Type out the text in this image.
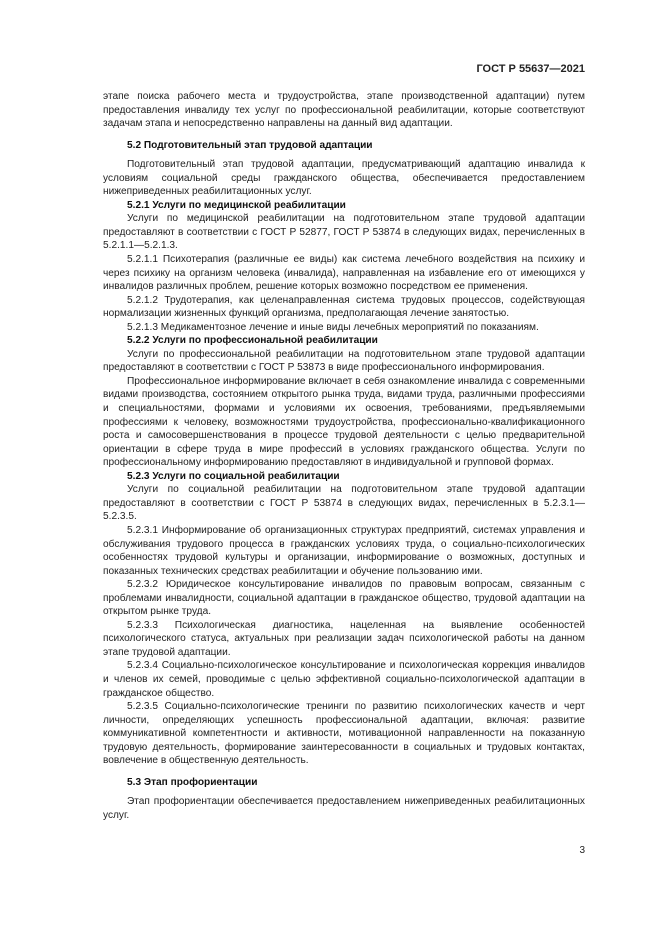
ГОСТ Р 55637—2021

этапе поиска рабочего места и трудоустройства, этапе производственной адаптации) путем предоставления инвалиду тех услуг по профессиональной реабилитации, которые соответствуют задачам этапа и непосредственно направлены на данный вид адаптации.

5.2 Подготовительный этап трудовой адаптации

Подготовительный этап трудовой адаптации, предусматривающий адаптацию инвалида к условиям социальной среды гражданского общества, обеспечивается предоставлением нижеприведенных реабилитационных услуг.

5.2.1 Услуги по медицинской реабилитации

Услуги по медицинской реабилитации на подготовительном этапе трудовой адаптации предоставляют в соответствии с ГОСТ Р 52877, ГОСТ Р 53874 в следующих видах, перечисленных в 5.2.1.1—5.2.1.3.

5.2.1.1 Психотерапия (различные ее виды) как система лечебного воздействия на психику и через психику на организм человека (инвалида), направленная на избавление его от имеющихся у инвалидов различных проблем, решение которых возможно посредством ее применения.

5.2.1.2 Трудотерапия, как целенаправленная система трудовых процессов, содействующая нормализации жизненных функций организма, предполагающая лечение занятостью.

5.2.1.3 Медикаментозное лечение и иные виды лечебных мероприятий по показаниям.

5.2.2 Услуги по профессиональной реабилитации

Услуги по профессиональной реабилитации на подготовительном этапе трудовой адаптации предоставляют в соответствии с ГОСТ Р 53873 в виде профессионального информирования.

Профессиональное информирование включает в себя ознакомление инвалида с современными видами производства, состоянием открытого рынка труда, видами труда, различными профессиями и специальностями, формами и условиями их освоения, требованиями, предъявляемыми профессиями к человеку, возможностями трудоустройства, профессионально-квалификационного роста и самосовершенствования в процессе трудовой деятельности с целью предварительной ориентации в сфере труда в мире профессий в условиях гражданского общества. Услуги по профессиональному информированию предоставляют в индивидуальной и групповой формах.

5.2.3 Услуги по социальной реабилитации

Услуги по социальной реабилитации на подготовительном этапе трудовой адаптации предоставляют в соответствии с ГОСТ Р 53874 в следующих видах, перечисленных в 5.2.3.1—5.2.3.5.

5.2.3.1 Информирование об организационных структурах предприятий, системах управления и обслуживания трудового процесса в гражданских условиях труда, о социально-психологических особенностях трудовой культуры и организации, информирование о возможных, доступных и показанных технических средствах реабилитации и обучение пользованию ими.

5.2.3.2 Юридическое консультирование инвалидов по правовым вопросам, связанным с проблемами инвалидности, социальной адаптации в гражданское общество, трудовой адаптации на открытом рынке труда.

5.2.3.3 Психологическая диагностика, нацеленная на выявление особенностей психологического статуса, актуальных при реализации задач психологической работы на данном этапе трудовой адаптации.

5.2.3.4 Социально-психологическое консультирование и психологическая коррекция инвалидов и членов их семей, проводимые с целью эффективной социально-психологической адаптации в гражданское общество.

5.2.3.5 Социально-психологические тренинги по развитию психологических качеств и черт личности, определяющих успешность профессиональной адаптации, включая: развитие коммуникативной компетентности и активности, мотивационной направленности на показанную трудовую деятельность, формирование заинтересованности в социальных и трудовых контактах, вовлечение в общественную деятельность.

5.3 Этап профориентации

Этап профориентации обеспечивается предоставлением нижеприведенных реабилитационных услуг.

3
